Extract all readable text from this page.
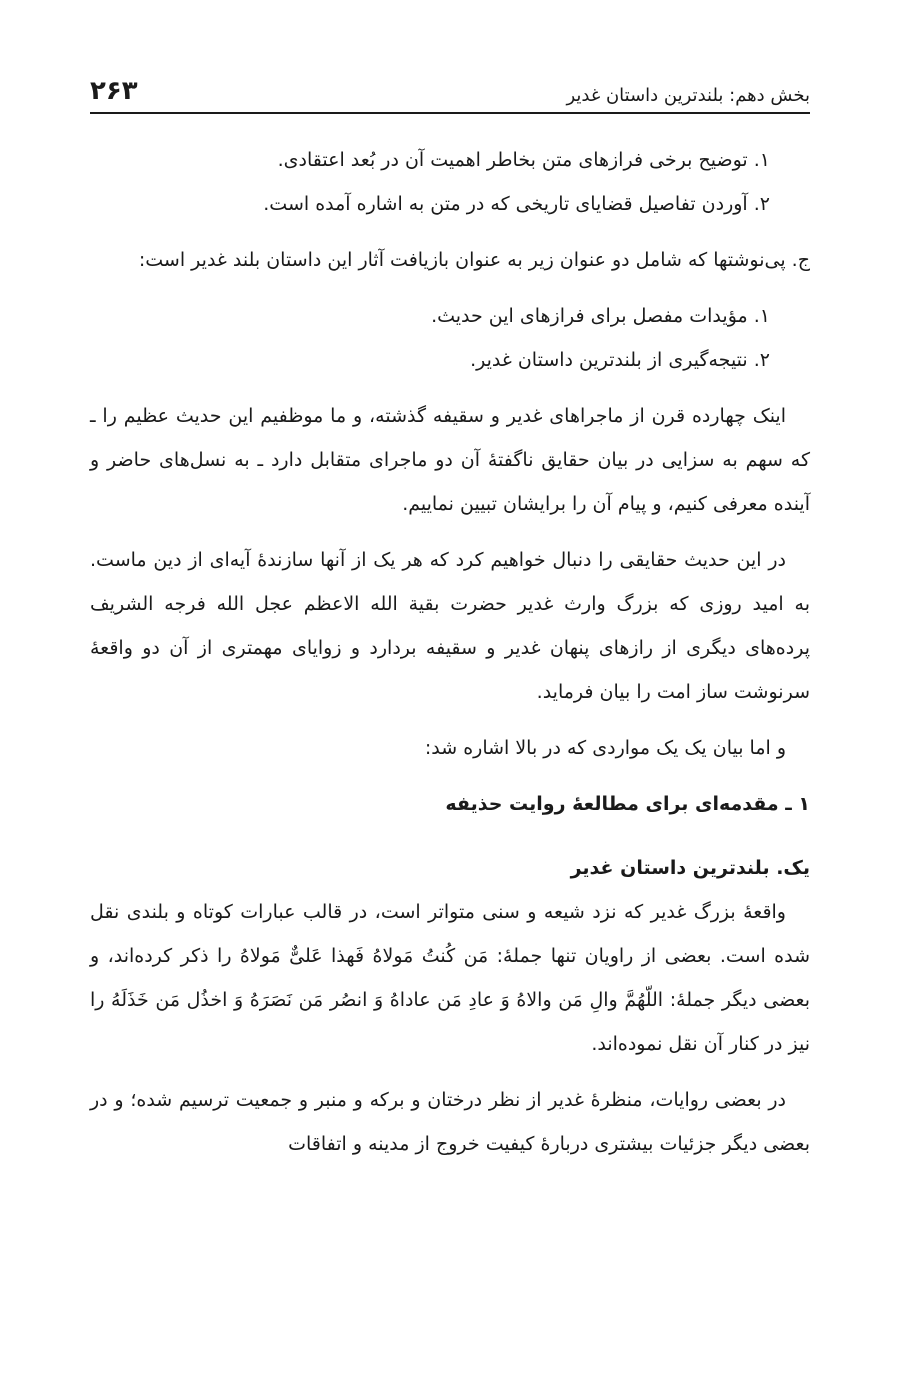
بخش دهم: بلندترین داستان غدیر
۲۶۳
۱. توضیح برخی فرازهای متن بخاطر اهمیت آن در بُعد اعتقادی.
۲. آوردن تفاصیل قضایای تاریخی که در متن به اشاره آمده است.

ج. پی‌نوشتها که شامل دو عنوان زیر به عنوان بازیافت آثار این داستان بلند غدیر است:

۱. مؤیدات مفصل برای فرازهای این حدیث.
۲. نتیجه‌گیری از بلندترین داستان غدیر.

اینک چهارده قرن از ماجراهای غدیر و سقیفه گذشته، و ما موظفیم این حدیث عظیم را ـ که سهم به سزایی در بیان حقایق ناگفتهٔ آن دو ماجرای متقابل دارد ـ به نسل‌های حاضر و آینده معرفی کنیم، و پیام آن را برایشان تبیین نماییم.

در این حدیث حقایقی را دنبال خواهیم کرد که هر یک از آنها سازندهٔ آیه‌ای از دین ماست. به امید روزی که بزرگ وارث غدیر حضرت بقیة الله الاعظم عجل الله فرجه الشریف پرده‌های دیگری از رازهای پنهان غدیر و سقیفه بردارد و زوایای مهمتری از آن دو واقعهٔ سرنوشت ساز امت را بیان فرماید.

و اما بیان یک یک مواردی که در بالا اشاره شد:

۱ ـ مقدمه‌ای برای مطالعهٔ روایت حذیفه
یک. بلندترین داستان غدیر

واقعهٔ بزرگ غدیر که نزد شیعه و سنی متواتر است، در قالب عبارات کوتاه و بلندی نقل شده است. بعضی از راویان تنها جملهٔ: مَن کُنتُ مَولاهُ فَهذا عَلیٌّ مَولاهُ را ذکر کرده‌اند، و بعضی دیگر جملهٔ: اللّهُمَّ والِ مَن والاهُ وَ عادِ مَن عاداهُ وَ انصُر مَن نَصَرَهُ وَ اخذُل مَن خَذَلَهُ را نیز در کنار آن نقل نموده‌اند.

در بعضی روایات، منظرهٔ غدیر از نظر درختان و برکه و منبر و جمعیت ترسیم شده؛ و در بعضی دیگر جزئیات بیشتری دربارهٔ کیفیت خروج از مدینه و اتفاقات
